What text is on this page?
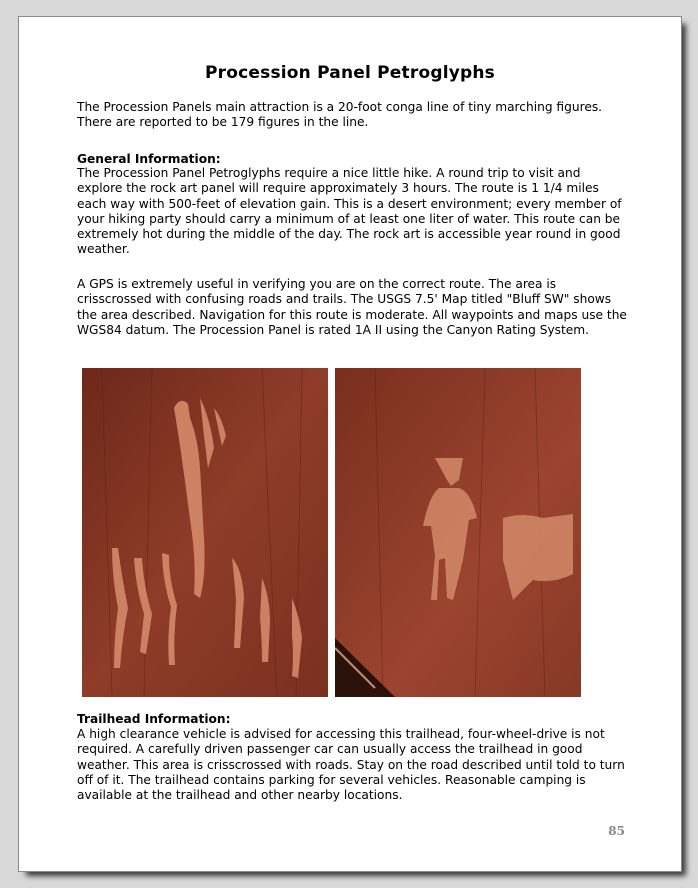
Procession Panel Petroglyphs
The Procession Panels main attraction is a 20-foot conga line of tiny marching figures. There are reported to be 179 figures in the line.
General Information:
The Procession Panel Petroglyphs require a nice little hike. A round trip to visit and explore the rock art panel will require approximately 3 hours. The route is 1 1/4 miles each way with 500-feet of elevation gain. This is a desert environment; every member of your hiking party should carry a minimum of at least one liter of water. This route can be extremely hot during the middle of the day. The rock art is accessible year round in good weather.
A GPS is extremely useful in verifying you are on the correct route. The area is crisscrossed with confusing roads and trails. The USGS 7.5' Map titled "Bluff SW" shows the area described. Navigation for this route is moderate. All waypoints and maps use the WGS84 datum. The Procession Panel is rated 1A II using the Canyon Rating System.
Trailhead Information:
A high clearance vehicle is advised for accessing this trailhead, four-wheel-drive is not required. A carefully driven passenger car can usually access the trailhead in good weather. This area is crisscrossed with roads. Stay on the road described until told to turn off of it. The trailhead contains parking for several vehicles. Reasonable camping is available at the trailhead and other nearby locations.
85
